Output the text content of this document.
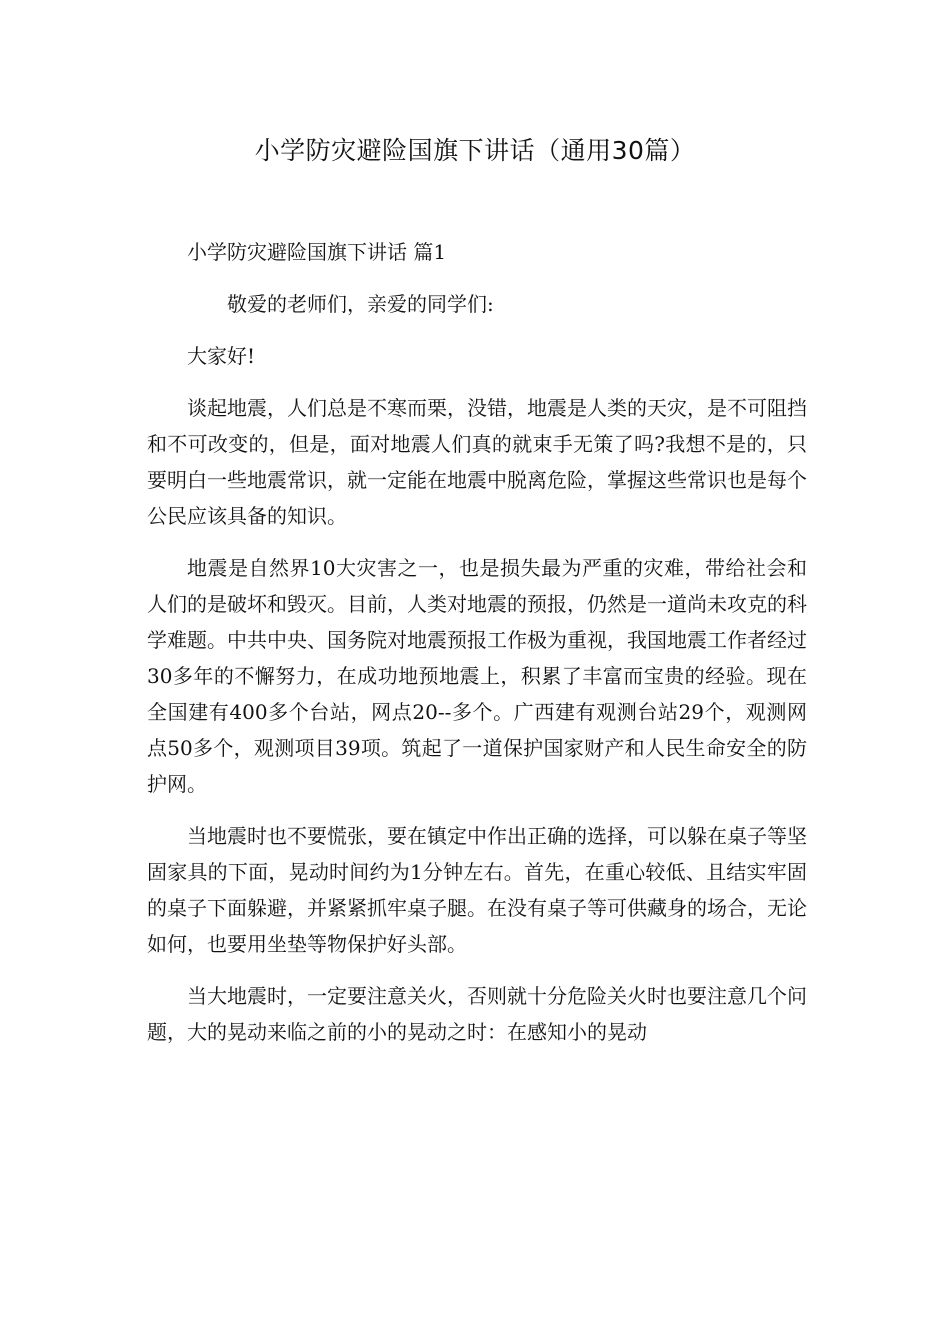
小学防灾避险国旗下讲话（通用30篇）

小学防灾避险国旗下讲话 篇1

敬爱的老师们，亲爱的同学们:

大家好!

谈起地震，人们总是不寒而栗，没错，地震是人类的天灾，是不可阻挡和不可改变的，但是，面对地震人们真的就束手无策了吗?我想不是的，只要明白一些地震常识，就一定能在地震中脱离危险，掌握这些常识也是每个公民应该具备的知识。

地震是自然界10大灾害之一，也是损失最为严重的灾难，带给社会和人们的是破坏和毁灭。目前，人类对地震的预报，仍然是一道尚未攻克的科学难题。中共中央、国务院对地震预报工作极为重视，我国地震工作者经过30多年的不懈努力，在成功地预地震上，积累了丰富而宝贵的经验。现在全国建有400多个台站，网点20--多个。广西建有观测台站29个，观测网点50多个，观测项目39项。筑起了一道保护国家财产和人民生命安全的防护网。

当地震时也不要慌张，要在镇定中作出正确的选择，可以躲在桌子等坚固家具的下面，晃动时间约为1分钟左右。首先，在重心较低、且结实牢固的桌子下面躲避，并紧紧抓牢桌子腿。在没有桌子等可供藏身的场合，无论如何，也要用坐垫等物保护好头部。

当大地震时，一定要注意关火，否则就十分危险关火时也要注意几个问题，大的晃动来临之前的小的晃动之时：在感知小的晃动
